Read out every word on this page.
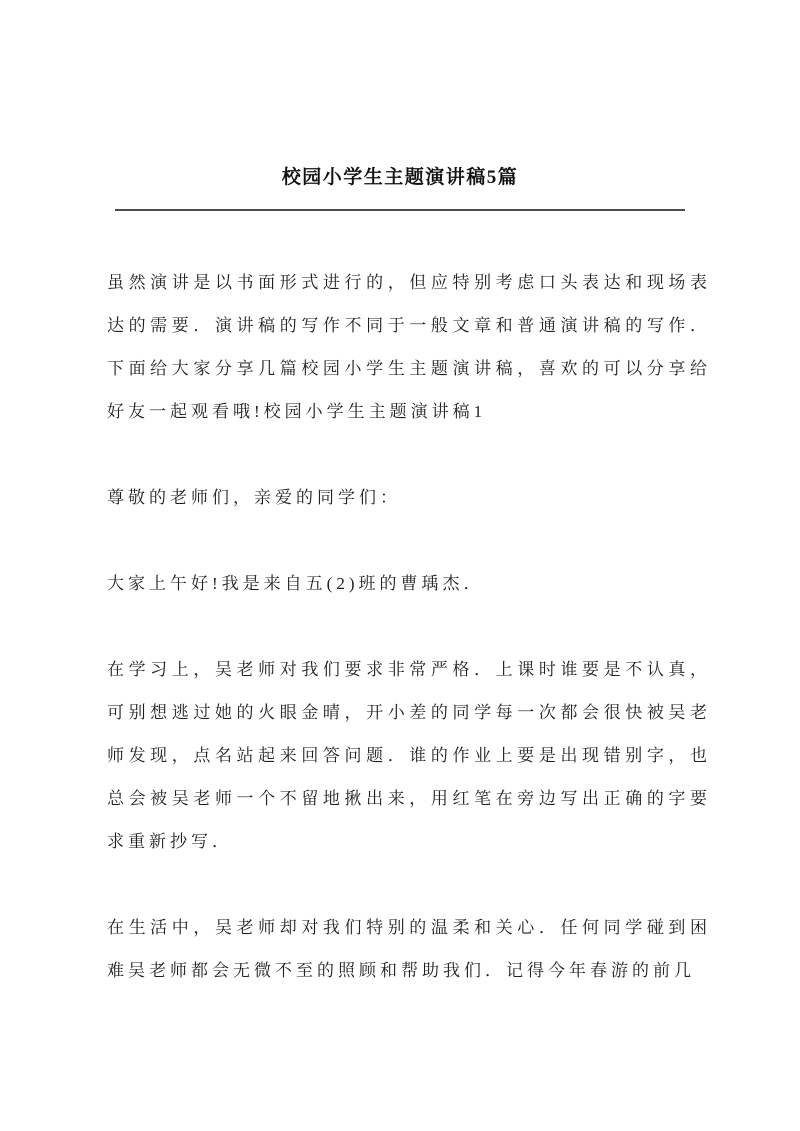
校园小学生主题演讲稿5篇

虽然演讲是以书面形式进行的，但应特别考虑口头表达和现场表达的需要．演讲稿的写作不同于一般文章和普通演讲稿的写作．下面给大家分享几篇校园小学生主题演讲稿，喜欢的可以分享给好友一起观看哦!校园小学生主题演讲稿1

尊敬的老师们，亲爱的同学们：

大家上午好!我是来自五(2)班的曹瑀杰．

在学习上，吴老师对我们要求非常严格．上课时谁要是不认真，可别想逃过她的火眼金晴，开小差的同学每一次都会很快被吴老师发现，点名站起来回答问题．谁的作业上要是出现错别字，也总会被吴老师一个不留地揪出来，用红笔在旁边写出正确的字要求重新抄写．

在生活中，吴老师却对我们特别的温柔和关心．任何同学碰到困难吴老师都会无微不至的照顾和帮助我们．记得今年春游的前几
